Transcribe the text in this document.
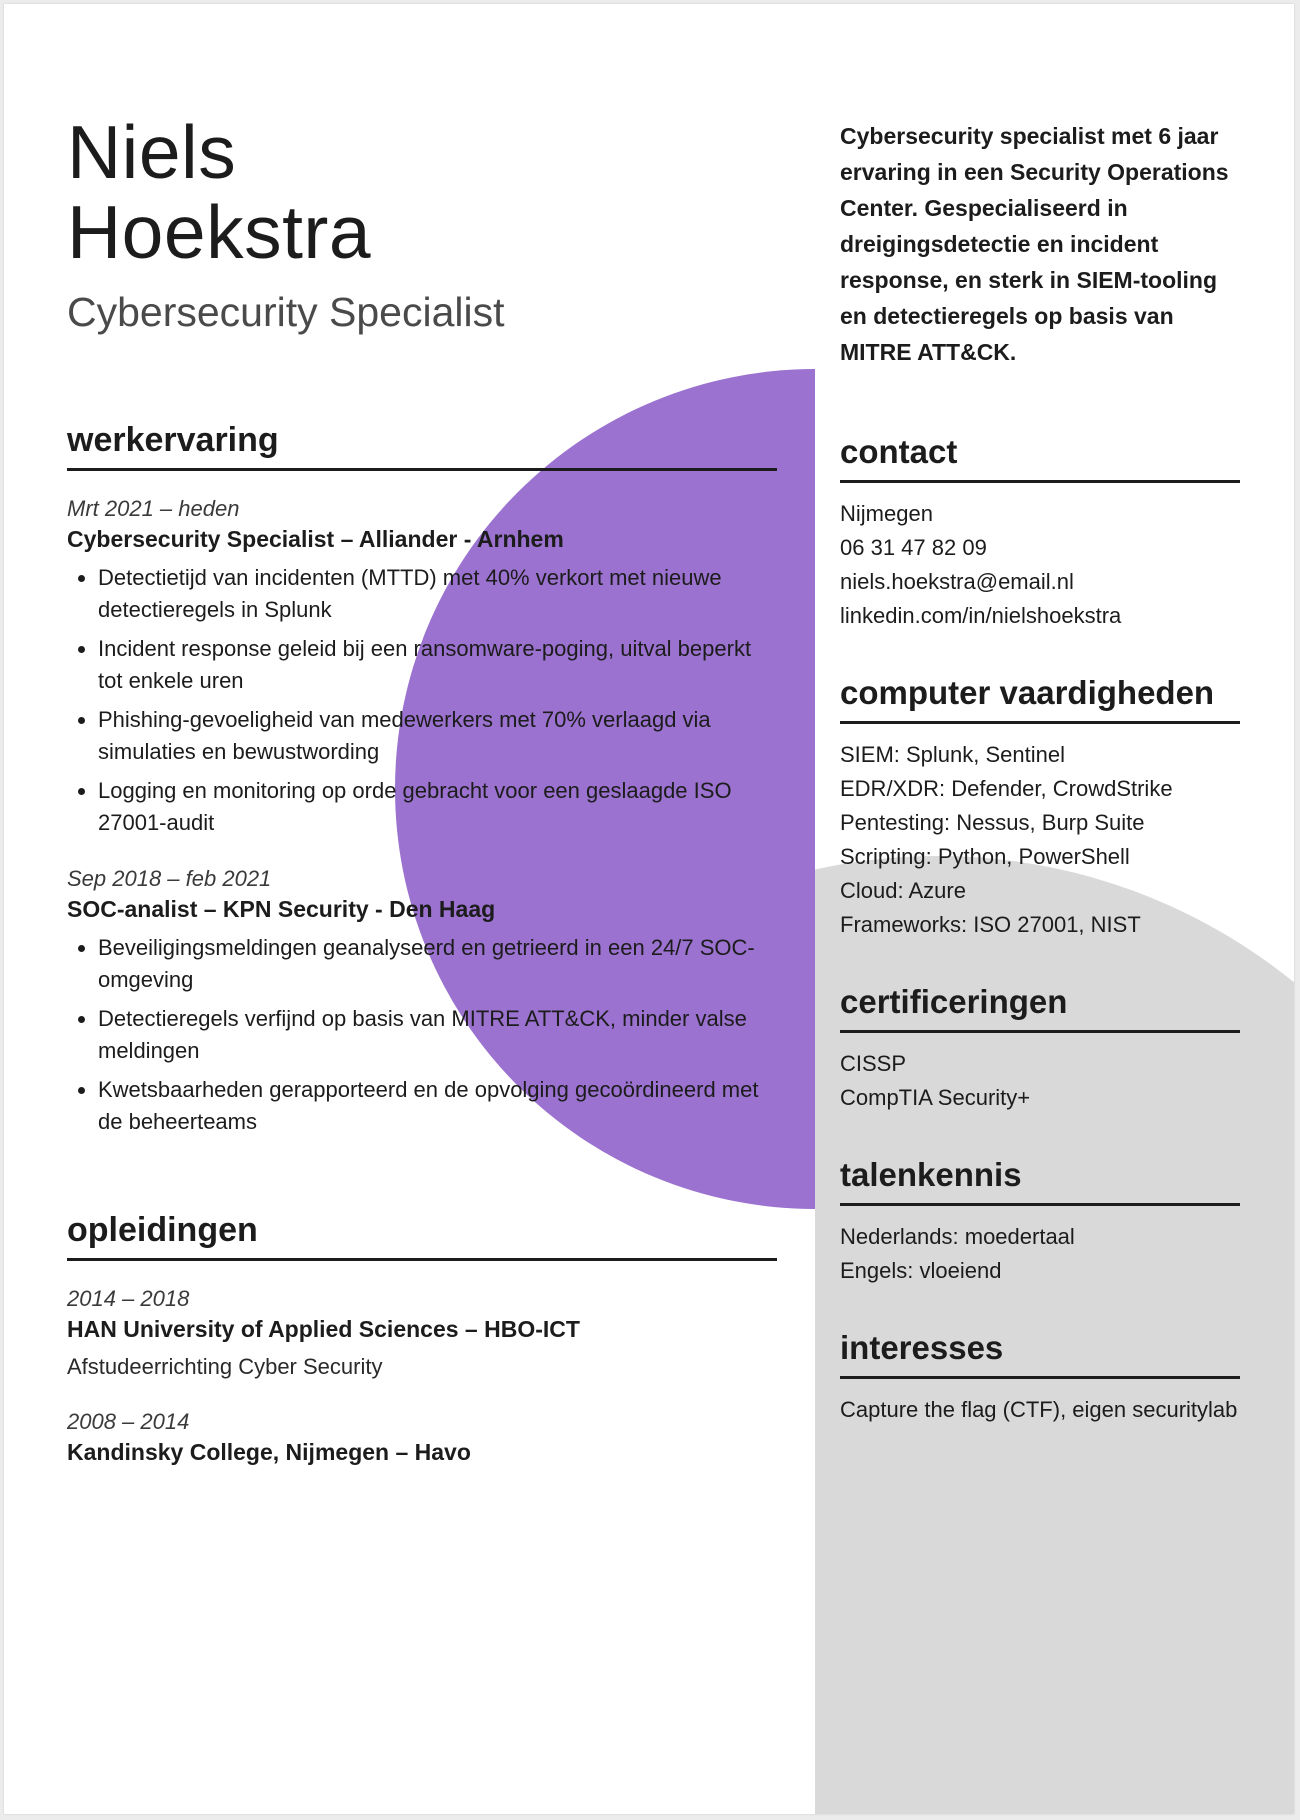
Niels
Hoekstra
Cybersecurity Specialist
werkervaring
Mrt 2021 – heden
Cybersecurity Specialist – Alliander - Arnhem
• Detectietijd van incidenten (MTTD) met 40% verkort met nieuwe detectieregels in Splunk
• Incident response geleid bij een ransomware-poging, uitval beperkt tot enkele uren
• Phishing-gevoeligheid van medewerkers met 70% verlaagd via simulaties en bewustwording
• Logging en monitoring op orde gebracht voor een geslaagde ISO 27001-audit
Sep 2018 – feb 2021
SOC-analist – KPN Security - Den Haag
• Beveiligingsmeldingen geanalyseerd en getrieerd in een 24/7 SOC-omgeving
• Detectieregels verfijnd op basis van MITRE ATT&CK, minder valse meldingen
• Kwetsbaarheden gerapporteerd en de opvolging gecoördineerd met de beheerteams
opleidingen
2014 – 2018
HAN University of Applied Sciences – HBO-ICT
Afstudeerrichting Cyber Security
2008 – 2014
Kandinsky College, Nijmegen – Havo

Cybersecurity specialist met 6 jaar ervaring in een Security Operations Center. Gespecialiseerd in dreigingsdetectie en incident response, en sterk in SIEM-tooling en detectieregels op basis van MITRE ATT&CK.

contact
Nijmegen
06 31 47 82 09
niels.hoekstra@email.nl
linkedin.com/in/nielshoekstra
computer vaardigheden
SIEM: Splunk, Sentinel
EDR/XDR: Defender, CrowdStrike
Pentesting: Nessus, Burp Suite
Scripting: Python, PowerShell
Cloud: Azure
Frameworks: ISO 27001, NIST
certificeringen
CISSP
CompTIA Security+
talenkennis
Nederlands: moedertaal
Engels: vloeiend
interesses
Capture the flag (CTF), eigen securitylab
